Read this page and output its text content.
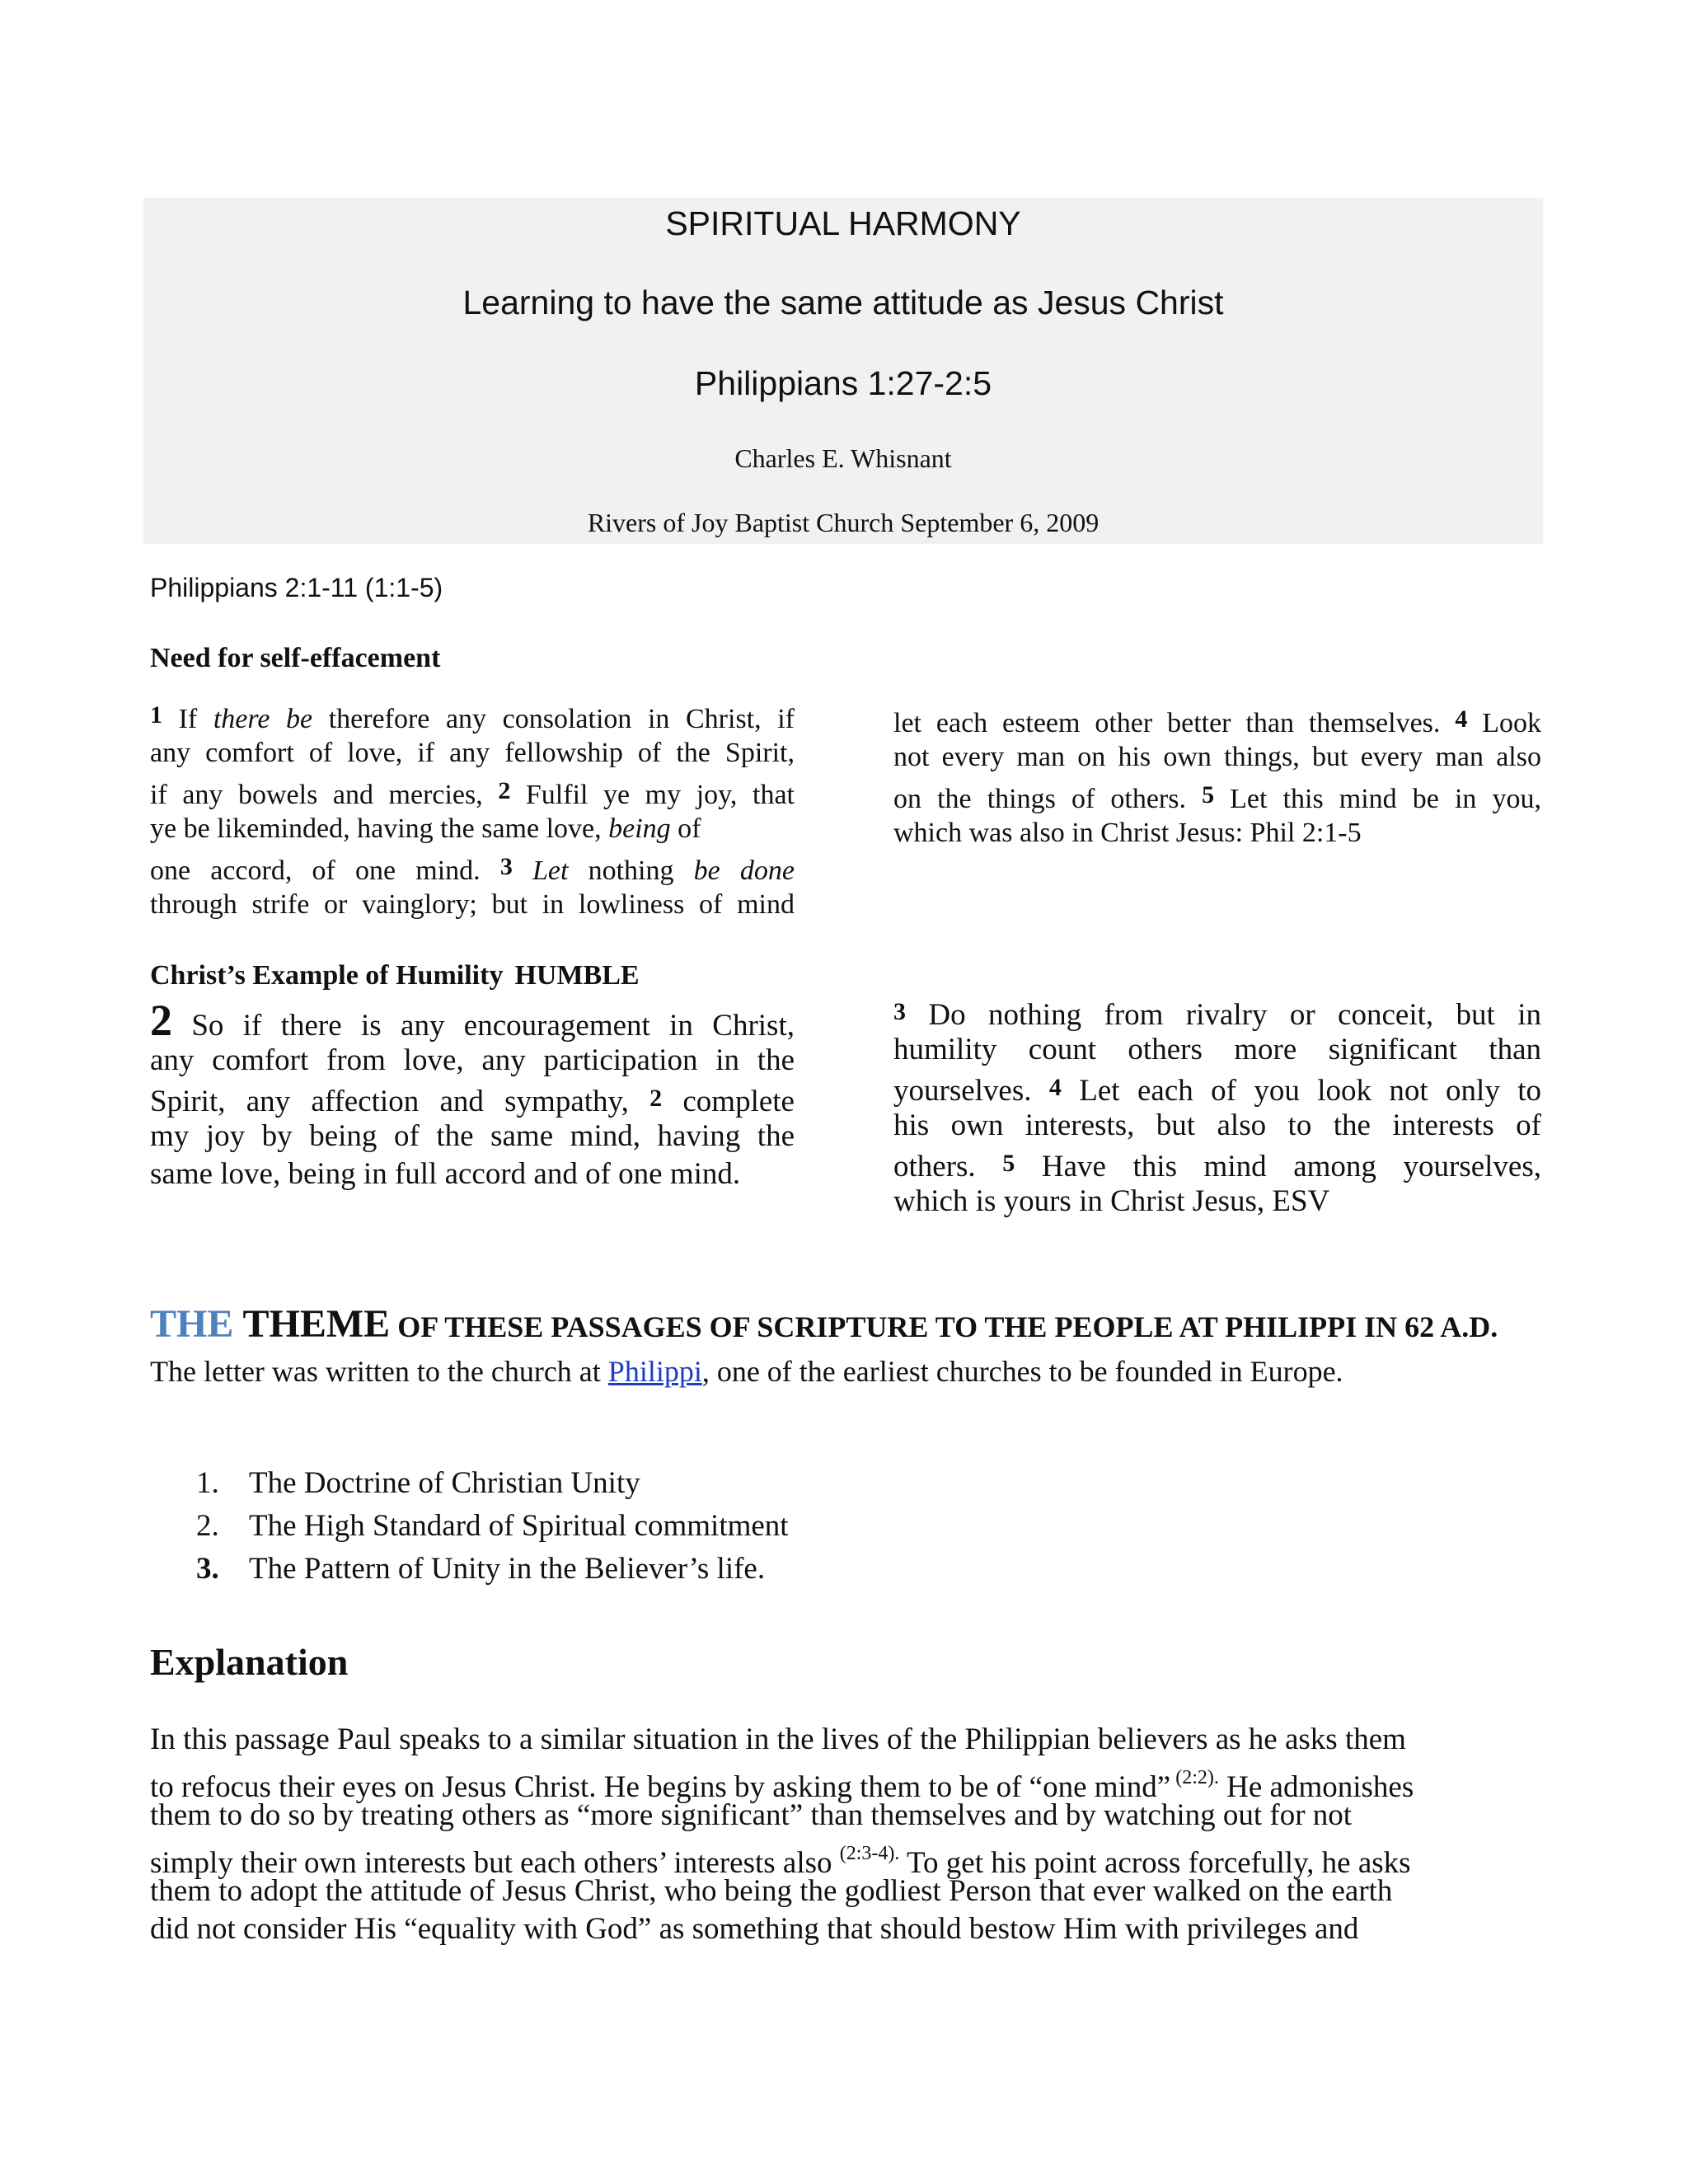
SPIRITUAL HARMONY
Learning to have the same attitude as Jesus Christ
Philippians 1:27-2:5
Charles E. Whisnant
Rivers of Joy Baptist Church September 6, 2009
Philippians 2:1-11 (1:1-5)
Need for self-effacement
1 If there be therefore any consolation in Christ, if
any comfort of love, if any fellowship of the Spirit,
if any bowels and mercies, 2 Fulfil ye my joy, that
ye be likeminded, having the same love, being of
one accord, of one mind. 3 Let nothing be done
through strife or vainglory; but in lowliness of mind
let each esteem other better than themselves. 4 Look
not every man on his own things, but every man also
on the things of others. 5 Let this mind be in you,
which was also in Christ Jesus: Phil 2:1-5
Christ’s Example of Humility HUMBLE
2 So if there is any encouragement in Christ,
any comfort from love, any participation in the
Spirit, any affection and sympathy, 2 complete
my joy by being of the same mind, having the
same love, being in full accord and of one mind.
3 Do nothing from rivalry or conceit, but in
humility count others more significant than
yourselves. 4 Let each of you look not only to
his own interests, but also to the interests of
others. 5 Have this mind among yourselves,
which is yours in Christ Jesus, ESV
THE THEME OF THESE PASSAGES OF SCRIPTURE TO THE PEOPLE AT PHILIPPI IN 62 A.D. The letter was written to the church at Philippi, one of the earliest churches to be founded in Europe.
1. The Doctrine of Christian Unity
2. The High Standard of Spiritual commitment
3. The Pattern of Unity in the Believer’s life.
Explanation
In this passage Paul speaks to a similar situation in the lives of the Philippian believers as he asks them
to refocus their eyes on Jesus Christ. He begins by asking them to be of “one mind” $^{(2:2).}$ He admonishes
them to do so by treating others as “more significant” than themselves and by watching out for not
simply their own interests but each others’ interests also $^{(2:3-4).}$ To get his point across forcefully, he asks
them to adopt the attitude of Jesus Christ, who being the godliest Person that ever walked on the earth
did not consider His “equality with God” as something that should bestow Him with privileges and
